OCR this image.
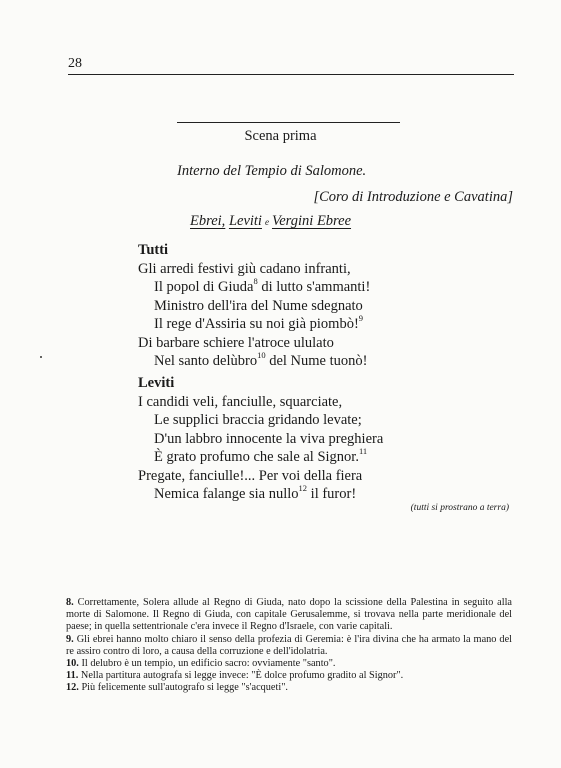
28
Scena prima
Interno del Tempio di Salomone.
[Coro di Introduzione e Cavatina]
Ebrei, Leviti e Vergini Ebree
Tutti
Gli arredi festivi giù cadano infranti,
Il popol di Giuda$^8$ di lutto s'ammanti!
Ministro dell'ira del Nume sdegnato
Il rege d'Assiria su noi già piombò!$^9$
Di barbare schiere l'atroce ululato
Nel santo delùbro$^{10}$ del Nume tuonò!
Leviti
I candidi veli, fanciulle, squarciate,
Le supplici braccia gridando levate;
D'un labbro innocente la viva preghiera
È grato profumo che sale al Signor.$^{11}$
Pregate, fanciulle!... Per voi della fiera
Nemica falange sia nullo$^{12}$ il furor!
(tutti si prostrano a terra)

8. Correttamente, Solera allude al Regno di Giuda, nato dopo la scissione della Palestina in seguito alla morte di Salomone. Il Regno di Giuda, con capitale Gerusalemme, si trovava nella parte meridionale del paese; in quella settentrionale c'era invece il Regno d'Israele, con varie capitali.

9. Gli ebrei hanno molto chiaro il senso della profezia di Geremia: è l'ira divina che ha armato la mano del re assiro contro di loro, a causa della corruzione e dell'idolatria.

10. Il delubro è un tempio, un edificio sacro: ovviamente "santo".

11. Nella partitura autografa si legge invece: "È dolce profumo gradito al Signor".

12. Più felicemente sull'autografo si legge "s'acqueti".
